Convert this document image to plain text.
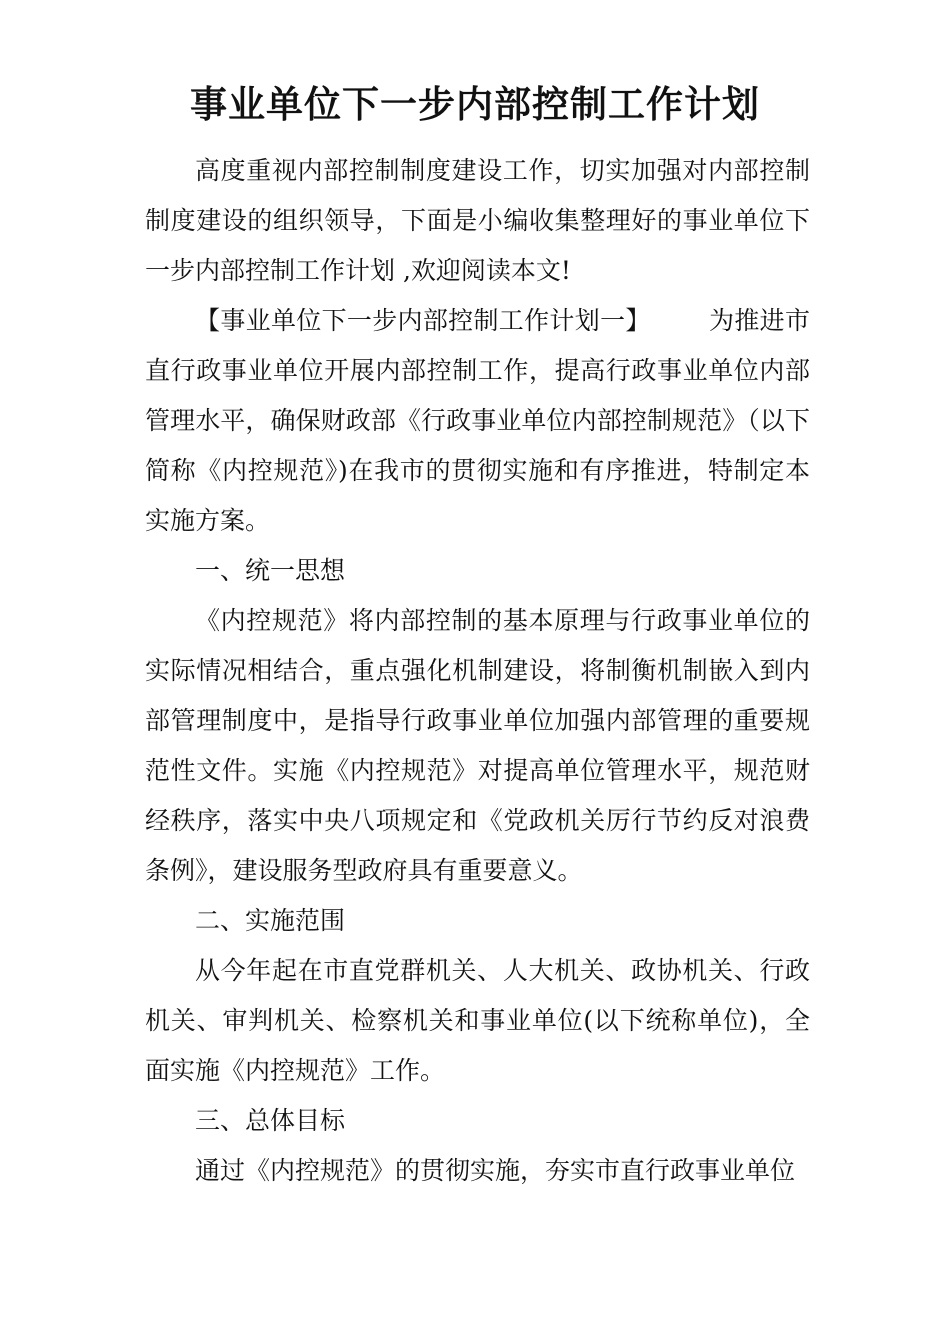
事业单位下一步内部控制工作计划

高度重视内部控制制度建设工作，切实加强对内部控制制度建设的组织领导，下面是小编收集整理好的事业单位下一步内部控制工作计划 ,欢迎阅读本文!

【事业单位下一步内部控制工作计划一】 为推进市直行政事业单位开展内部控制工作，提高行政事业单位内部管理水平，确保财政部《行政事业单位内部控制规范》（以下简称《内控规范》)在我市的贯彻实施和有序推进，特制定本实施方案。

一、统一思想

《内控规范》将内部控制的基本原理与行政事业单位的实际情况相结合，重点强化机制建设，将制衡机制嵌入到内部管理制度中，是指导行政事业单位加强内部管理的重要规范性文件。实施《内控规范》对提高单位管理水平，规范财经秩序，落实中央八项规定和《党政机关厉行节约反对浪费条例》，建设服务型政府具有重要意义。

二、实施范围

从今年起在市直党群机关、人大机关、政协机关、行政机关、审判机关、检察机关和事业单位(以下统称单位)，全面实施《内控规范》工作。

三、总体目标

通过《内控规范》的贯彻实施，夯实市直行政事业单位
